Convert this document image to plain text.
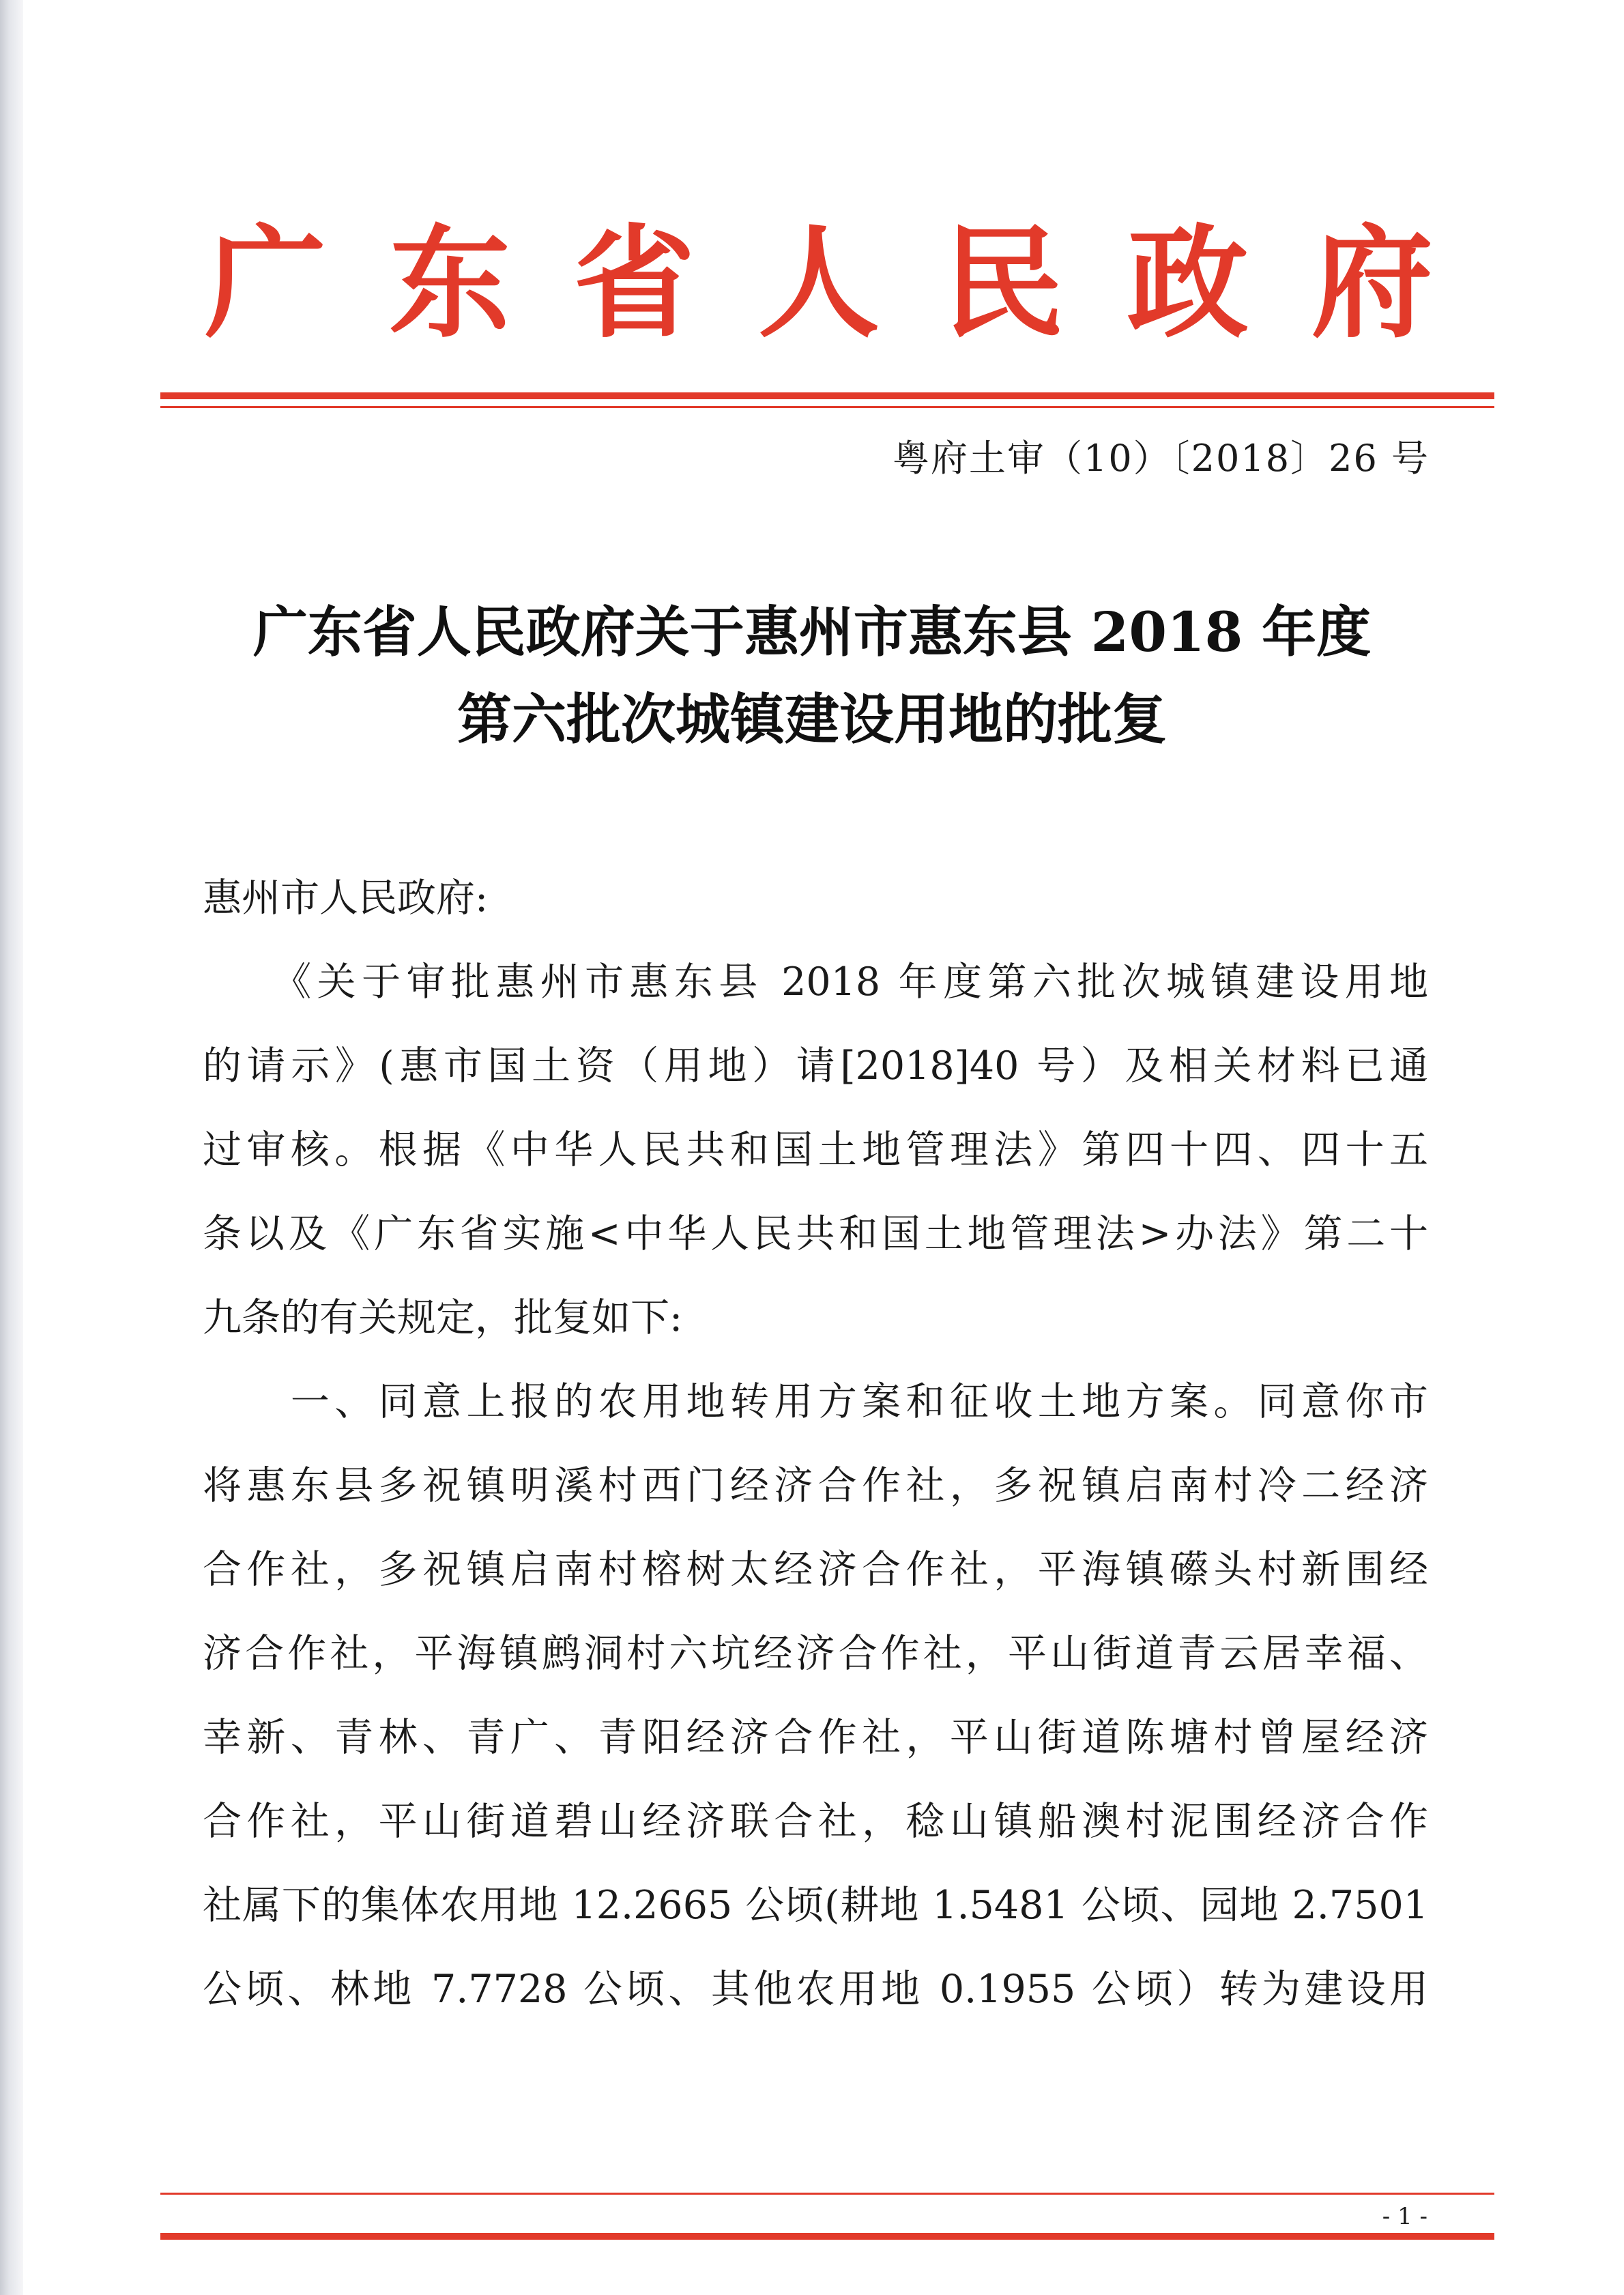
广 东 省 人 民 政 府
粤府土审（10）〔2018〕26 号
广东省人民政府关于惠州市惠东县 2018 年度
第六批次城镇建设用地的批复
惠州市人民政府:
　　《关于审批惠州市惠东县 2018 年度第六批次城镇建设用地
的请示》(惠市国土资（用地）请[2018]40 号）及相关材料已通
过审核。根据《中华人民共和国土地管理法》第四十四、四十五
条以及《广东省实施<中华人民共和国土地管理法>办法》第二十
九条的有关规定，批复如下:
　　一、同意上报的农用地转用方案和征收土地方案。同意你市
将惠东县多祝镇明溪村西门经济合作社，多祝镇启南村冷二经济
合作社，多祝镇启南村榕树太经济合作社，平海镇礤头村新围经
济合作社，平海镇鹧洞村六坑经济合作社，平山街道青云居幸福、
幸新、青林、青广、青阳经济合作社，平山街道陈塘村曾屋经济
合作社，平山街道碧山经济联合社，稔山镇船澳村泥围经济合作
社属下的集体农用地 12.2665 公顷(耕地 1.5481 公顷、园地 2.7501
公顷、林地 7.7728 公顷、其他农用地 0.1955 公顷）转为建设用
- 1 -
